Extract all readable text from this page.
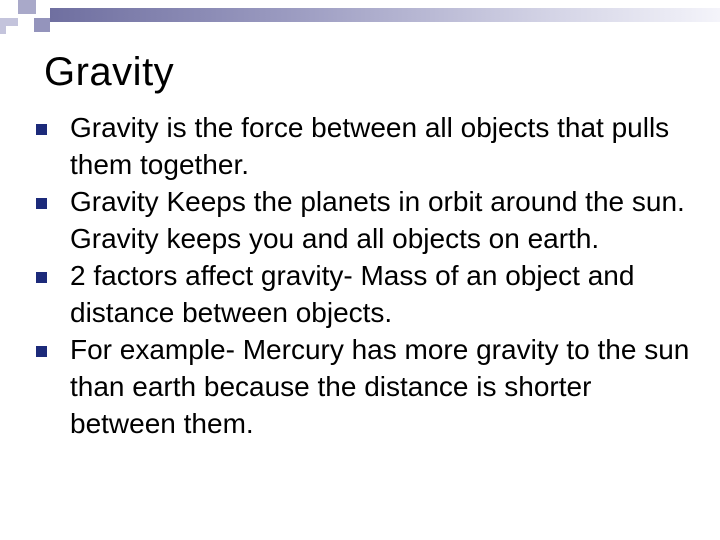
Gravity
Gravity is the force between all objects that pulls them together.
Gravity Keeps the planets in orbit around the sun. Gravity keeps you and all objects on earth.
2 factors affect gravity- Mass of an object and distance between objects.
For example- Mercury has more gravity to the sun than earth because the distance is shorter between them.
